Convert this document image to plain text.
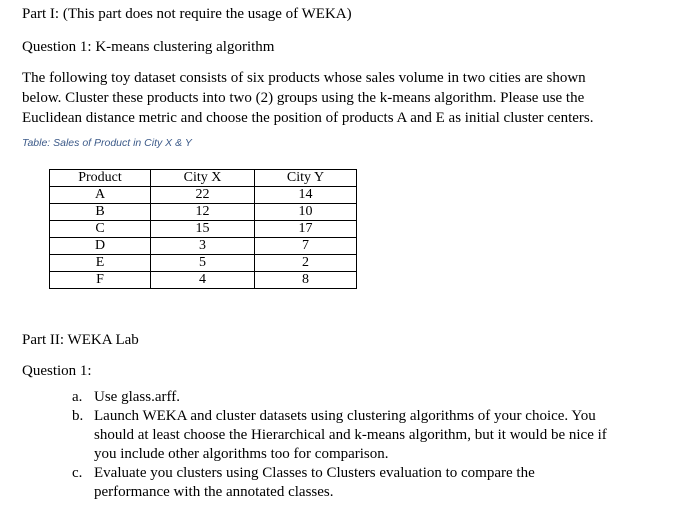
Part I: (This part does not require the usage of WEKA)
Question 1: K-means clustering algorithm
The following toy dataset consists of six products whose sales volume in two cities are shown
below. Cluster these products into two (2) groups using the k-means algorithm. Please use the
Euclidean distance metric and choose the position of products A and E as initial cluster centers.
Table: Sales of Product in City X & Y
Product	City X	City Y
A	22	14
B	12	10
C	15	17
D	3	7
E	5	2
F	4	8
Part II: WEKA Lab
Question 1:
a. Use glass.arff.
b. Launch WEKA and cluster datasets using clustering algorithms of your choice. You
should at least choose the Hierarchical and k-means algorithm, but it would be nice if
you include other algorithms too for comparison.
c. Evaluate you clusters using Classes to Clusters evaluation to compare the
performance with the annotated classes.
